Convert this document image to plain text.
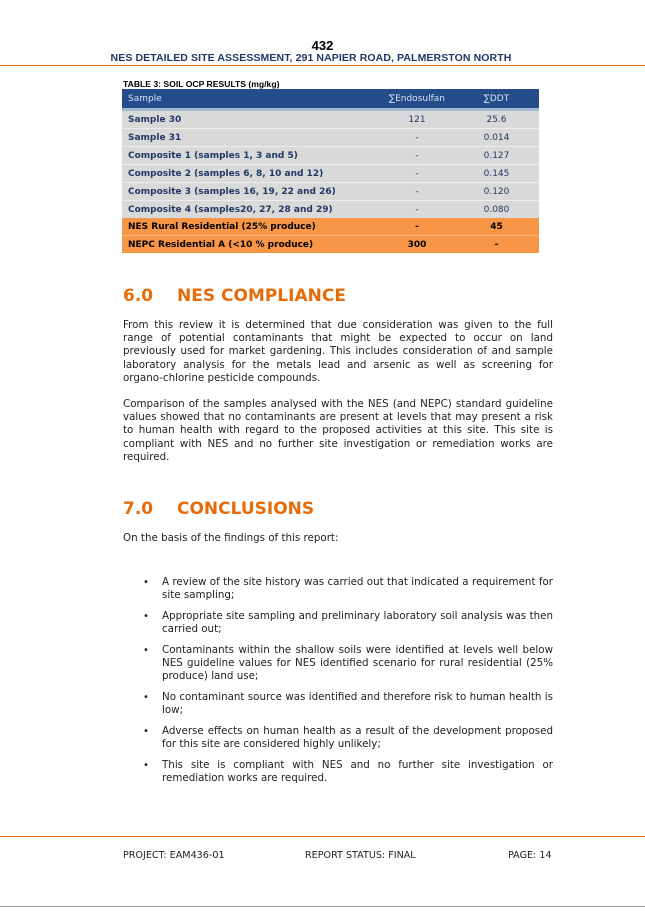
432
NES DETAILED SITE ASSESSMENT, 291 NAPIER ROAD, PALMERSTON NORTH
TABLE 3: SOIL OCP RESULTS (mg/kg)
Sample	∑Endosulfan	∑DDT
Sample 30	121	25.6
Sample 31	-	0.014
Composite 1 (samples 1, 3 and 5)	-	0.127
Composite 2 (samples 6, 8, 10 and 12)	-	0.145
Composite 3 (samples 16, 19, 22 and 26)	-	0.120
Composite 4 (samples20, 27, 28 and 29)	-	0.080
NES Rural Residential (25% produce)	-	45
NEPC Residential A (<10 % produce)	300	-
6.0 NES COMPLIANCE

From this review it is determined that due consideration was given to the full range of potential contaminants that might be expected to occur on land previously used for market gardening. This includes consideration of and sample laboratory analysis for the metals lead and arsenic as well as screening for organo-chlorine pesticide compounds.

Comparison of the samples analysed with the NES (and NEPC) standard guideline values showed that no contaminants are present at levels that may present a risk to human health with regard to the proposed activities at this site. This site is compliant with NES and no further site investigation or remediation works are required.

7.0 CONCLUSIONS

On the basis of the findings of this report:

• A review of the site history was carried out that indicated a requirement for site sampling;
• Appropriate site sampling and preliminary laboratory soil analysis was then carried out;
• Contaminants within the shallow soils were identified at levels well below NES guideline values for NES identified scenario for rural residential (25% produce) land use;
• No contaminant source was identified and therefore risk to human health is low;
• Adverse effects on human health as a result of the development proposed for this site are considered highly unlikely;
• This site is compliant with NES and no further site investigation or remediation works are required.
PROJECT: EAM436-01	REPORT STATUS: FINAL	PAGE: 14
